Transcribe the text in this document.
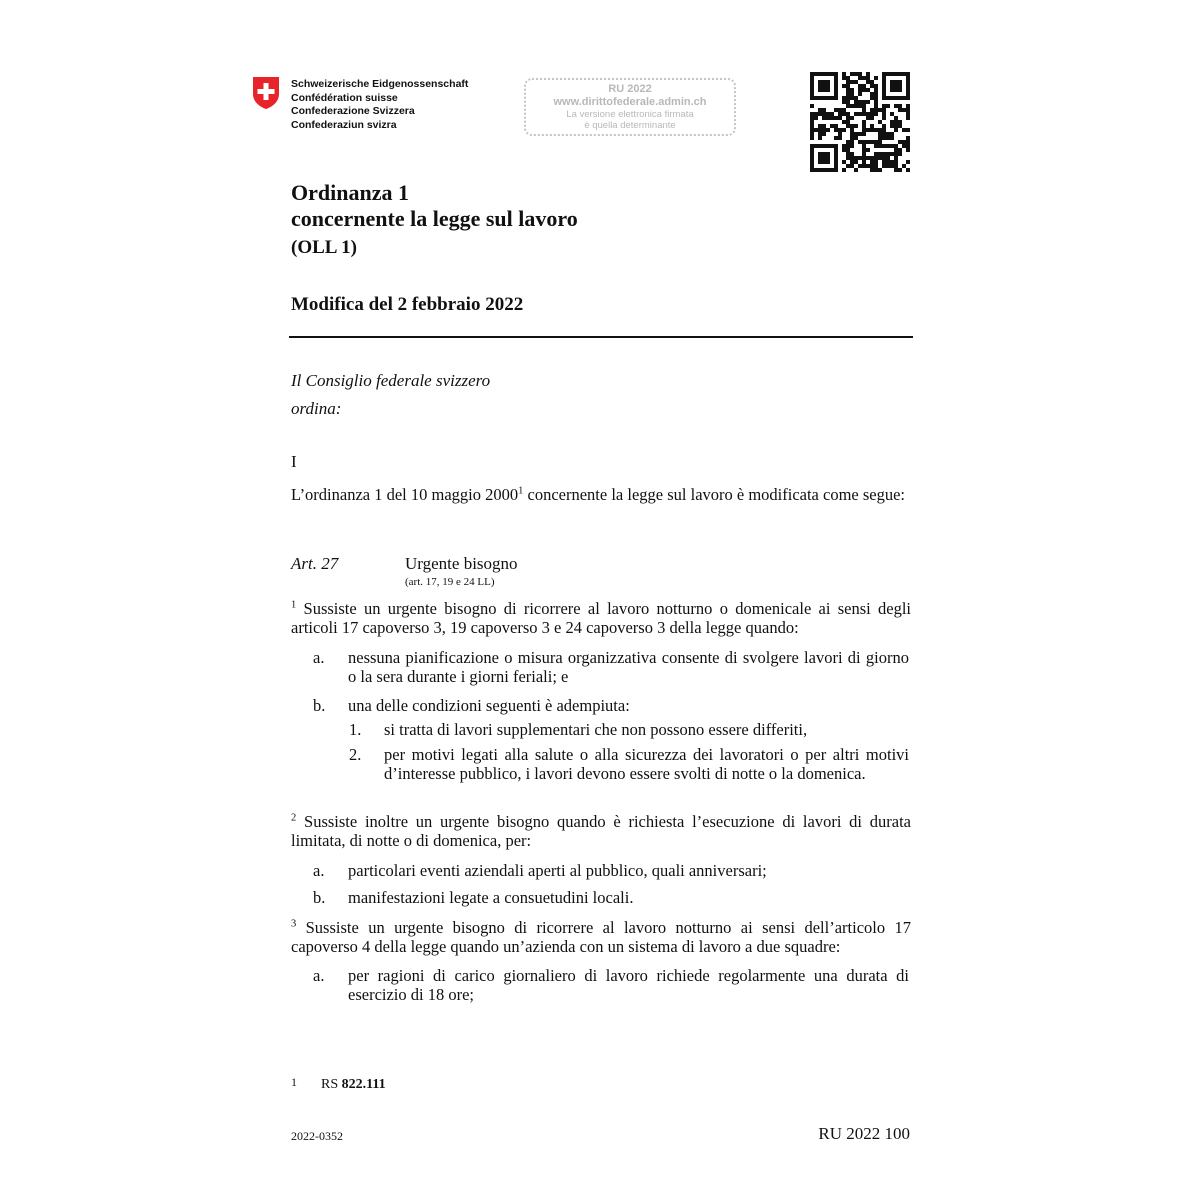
Schweizerische Eidgenossenschaft
Confédération suisse
Confederazione Svizzera
Confederaziun svizra
RU 2022
www.dirittofederale.admin.ch
La versione elettronica firmata
è quella determinante
Ordinanza 1
concernente la legge sul lavoro
(OLL 1)
Modifica del 2 febbraio 2022
Il Consiglio federale svizzero
ordina:
I
L’ordinanza 1 del 10 maggio 2000$^1$ concernente la legge sul lavoro è modificata come segue:
Art. 27	Urgente bisogno
(art. 17, 19 e 24 LL)
$^1$ Sussiste un urgente bisogno di ricorrere al lavoro notturno o domenicale ai sensi degli articoli 17 capoverso 3, 19 capoverso 3 e 24 capoverso 3 della legge quando:
a. nessuna pianificazione o misura organizzativa consente di svolgere lavori di giorno o la sera durante i giorni feriali; e
b. una delle condizioni seguenti è adempiuta:
1. si tratta di lavori supplementari che non possono essere differiti,
2. per motivi legati alla salute o alla sicurezza dei lavoratori o per altri motivi d’interesse pubblico, i lavori devono essere svolti di notte o la domenica.
$^2$ Sussiste inoltre un urgente bisogno quando è richiesta l’esecuzione di lavori di durata limitata, di notte o di domenica, per:
a. particolari eventi aziendali aperti al pubblico, quali anniversari;
b. manifestazioni legate a consuetudini locali.
$^3$ Sussiste un urgente bisogno di ricorrere al lavoro notturno ai sensi dell’articolo 17 capoverso 4 della legge quando un’azienda con un sistema di lavoro a due squadre:
a. per ragioni di carico giornaliero di lavoro richiede regolarmente una durata di esercizio di 18 ore;
1 RS 822.111
2022-0352	RU 2022 100
